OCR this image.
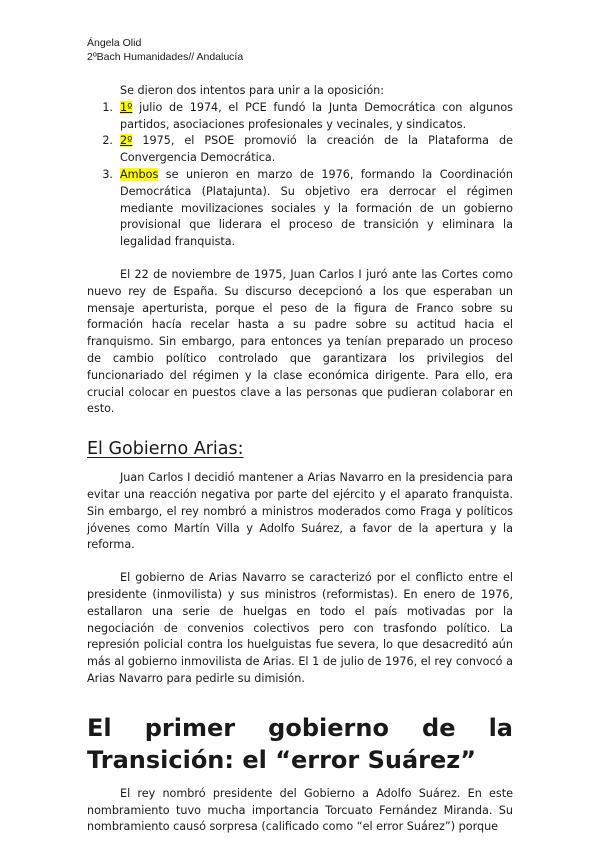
Ángela Olid
2ºBach Humanidades// Andalucía

Se dieron dos intentos para unir a la oposición:

1. 1º julio de 1974, el PCE fundó la Junta Democrática con algunos partidos, asociaciones profesionales y vecinales, y sindicatos.
2. 2º 1975, el PSOE promovió la creación de la Plataforma de Convergencia Democrática.
3. Ambos se unieron en marzo de 1976, formando la Coordinación Democrática (Platajunta). Su objetivo era derrocar el régimen mediante movilizaciones sociales y la formación de un gobierno provisional que liderara el proceso de transición y eliminara la legalidad franquista.

El 22 de noviembre de 1975, Juan Carlos I juró ante las Cortes como nuevo rey de España. Su discurso decepcionó a los que esperaban un mensaje aperturista, porque el peso de la figura de Franco sobre su formación hacía recelar hasta a su padre sobre su actitud hacia el franquismo. Sin embargo, para entonces ya tenían preparado un proceso de cambio político controlado que garantizara los privilegios del funcionariado del régimen y la clase económica dirigente. Para ello, era crucial colocar en puestos clave a las personas que pudieran colaborar en esto.

El Gobierno Arias:

Juan Carlos I decidió mantener a Arias Navarro en la presidencia para evitar una reacción negativa por parte del ejército y el aparato franquista. Sin embargo, el rey nombró a ministros moderados como Fraga y políticos jóvenes como Martín Villa y Adolfo Suárez, a favor de la apertura y la reforma.

El gobierno de Arias Navarro se caracterizó por el conflicto entre el presidente (inmovilista) y sus ministros (reformistas). En enero de 1976, estallaron una serie de huelgas en todo el país motivadas por la negociación de convenios colectivos pero con trasfondo político. La represión policial contra los huelguistas fue severa, lo que desacreditó aún más al gobierno inmovilista de Arias. El 1 de julio de 1976, el rey convocó a Arias Navarro para pedirle su dimisión.

El primer gobierno de la Transición: el “error Suárez”

El rey nombró presidente del Gobierno a Adolfo Suárez. En este nombramiento tuvo mucha importancia Torcuato Fernández Miranda. Su nombramiento causó sorpresa (calificado como “el error Suárez”) porque
